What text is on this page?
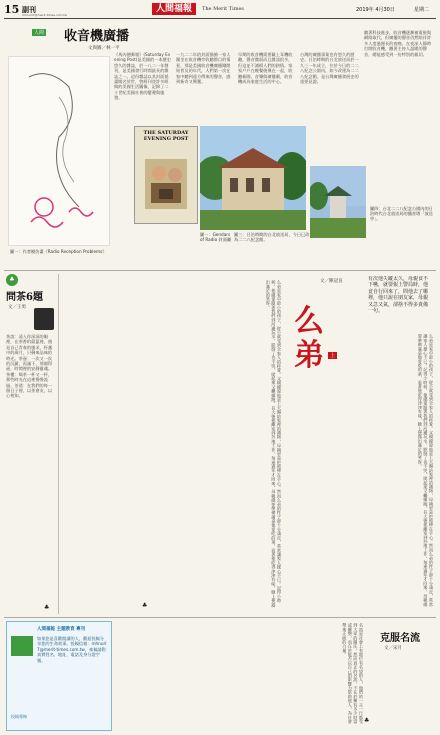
15 副刊
mhnurl7@merit-times.com.tw
人間福報	The Merit Times	2019年 4月30日	星期二
人間 收音機廣播
文與圖／林一平
《馬內德郵報》(Saturday Evening Post)是美國的一本歷史悠久的雜誌，於一八二一年創刊，是美國發行時間最長的雜誌之一。這份雜誌以其封面插畫聞名於世，曾經刊登許多經典的美國生活圖像，記錄了二十世紀美國社會的變遷與風貌。
一九二二年的封面描繪一家人圍坐在收音機旁收聽節目的情景，那是美國收音機廣播剛開始普及的年代，人們第一次在家中聽到遠方傳來的聲音，感到新奇又興奮。
早期的收音機需要戴上耳機收聽，聲音微弱而且雜訊很多，但這並不減損人們的熱情。家家戶戶在晚餐後聚在一起，收聽新聞、音樂與廣播劇，收音機成為家庭生活的中心。
台灣的廣播事業也有悠久的歷史。日治時期的台北放送局於一九三一年成立，位於今日的二二八紀念公園內，如今改建為二二八紀念館，是台灣廣播發展史的重要見證。
隨著科技進步，收音機逐漸被電視與網路取代，但廣播的聲音仍然陪伴許多人度過漫長的夜晚。在夜深人靜時打開收音機，聽著主持人溫暖的聲音，總能感受到一份特別的親切。
圖一：作者模仿畫《Radio Reception Problems》
THE SATURDAY EVENING POST
圖一：Gendars of Radio 封面圖
圖三：日治時期的台北放送局，今日已改為二二八紀念館。
圖四：台北二二八紀念公園內的日治時代台北放送局的播音塔「放送亭」。
♣
問茶6題
文／王勇
茶說：清入你深深的眼裡，在茶香的氤氳裡，遇見自己青春的風采，杯盞中的歲月，只剩來品味的時光。茶壺：一次又一次的沉澱，再滿下，那個得壺，時間裡的安靜靈魂。茶樓：喝茶一杯又一杯，那些時光在這裡慢慢流過。茶道：在我們的每一個日子裡，以茶會友，以心相知。
♣
么弟是家中最小的孩子，從小就受到全家人的疼愛。父親總說他是上天賜給家裡的禮物，母親更是把他捧在手心。然而么弟的性子卻十分頑皮，常常讓家人操心不已。記得小時候，他總愛跟著我們到河邊玩水，跌倒了也不哭，爬起來又繼續跑。長大後他離家到外地工作，每逢過年才回來，母親總要準備滿桌他愛吃的菜，看著他吃得津津有味，臉上便露出滿足的笑容。
么弟是家中最小的孩子，從小就受到全家人的疼愛。父親總說他是上天賜給家裡的禮物，母親更是把他捧在手心。然而么弟的性子卻十分頑皮，常常讓家人操心不已。記得小時候，他總愛跟著我們到河邊玩水，跌倒了也不哭，爬起來又繼續跑。長大後他離家到外地工作，每逢過年才回來，母親總要準備滿桌他愛吃的菜，看著他吃得津津有味，臉上便露出滿足的笑容。
么
弟	上
文／陳冠良	有次他失蹤太久，母親食不下嚥，就要報上警局時，他竟自行回來了，問他去了哪裡，他只說在朋友家，母親又急又氣，卻捨不得多責備一句。
♣
人間福報 主題教育 專刊
如果您是喜歡閱讀的人，歡迎投稿分享您的生命故事。投稿信箱：mhnurl7@merit-times.com.tw，來稿請附真實姓名、地址、電話及身分證字號。
投稿專線	名流是社會上有地位有名望的人，他們的一言一行都受到大眾的關注。然而真正的名流，不在於擁有多少財富或權勢，而在於能否以自己的影響力幫助他人，為社會帶來正面的力量。	克服名流
文／宋月
♣
